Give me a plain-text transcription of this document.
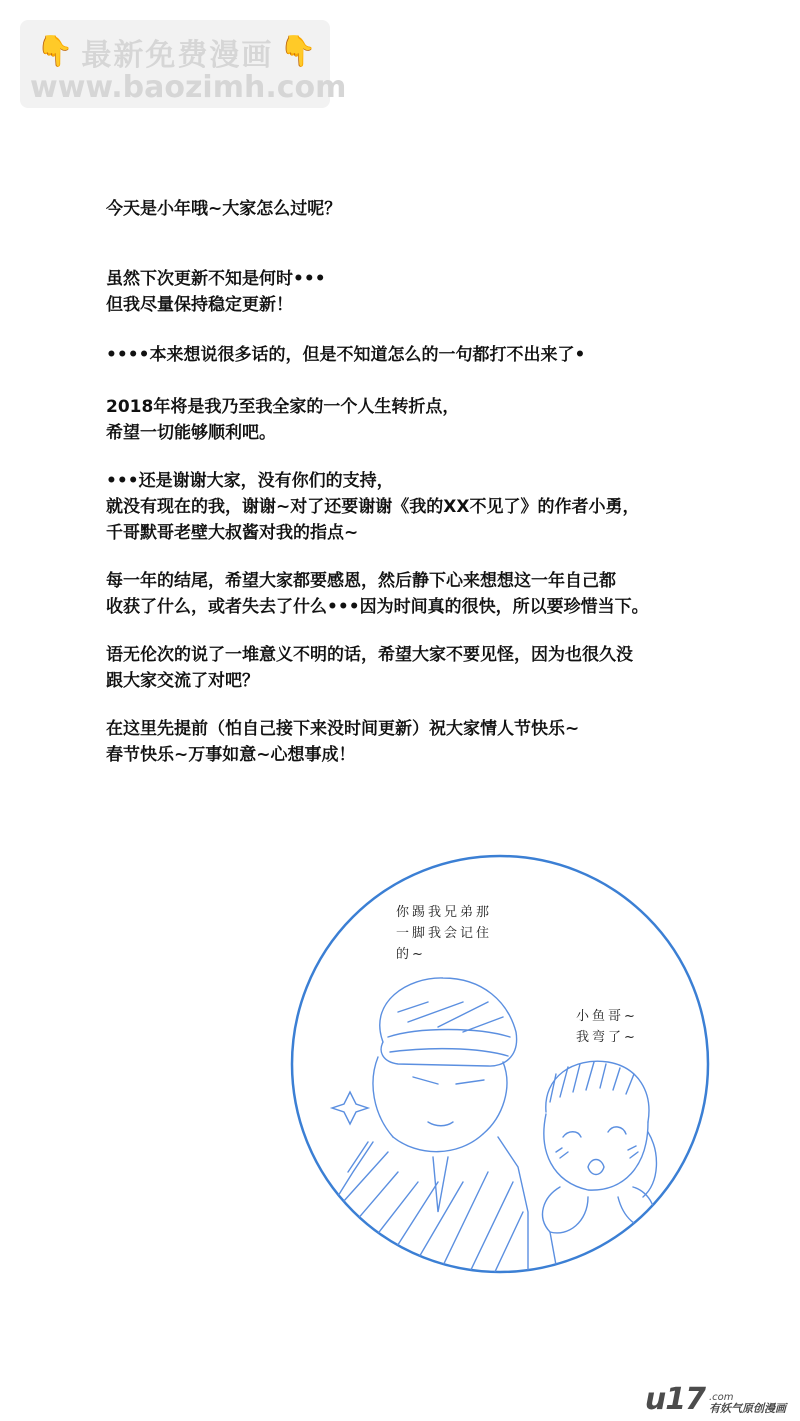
👇 最新免费漫画 👇
www.baozimh.com
今天是小年哦~大家怎么过呢？
虽然下次更新不知是何时•••
但我尽量保持稳定更新！
••••本来想说很多话的，但是不知道怎么的一句都打不出来了•
2018年将是我乃至我全家的一个人生转折点，
希望一切能够顺利吧。
•••还是谢谢大家，没有你们的支持，
就没有现在的我，谢谢~对了还要谢谢《我的XX不见了》的作者小勇，
千哥默哥老壁大叔酱对我的指点~
每一年的结尾，希望大家都要感恩，然后静下心来想想这一年自己都
收获了什么，或者失去了什么•••因为时间真的很快，所以要珍惜当下。
语无伦次的说了一堆意义不明的话，希望大家不要见怪，因为也很久没
跟大家交流了对吧？
在这里先提前（怕自己接下来没时间更新）祝大家情人节快乐~
春节快乐~万事如意~心想事成！
你踢我兄弟那
一脚我会记住
的~
小鱼哥~
我弯了~
u17 .com
有妖气原创漫画
